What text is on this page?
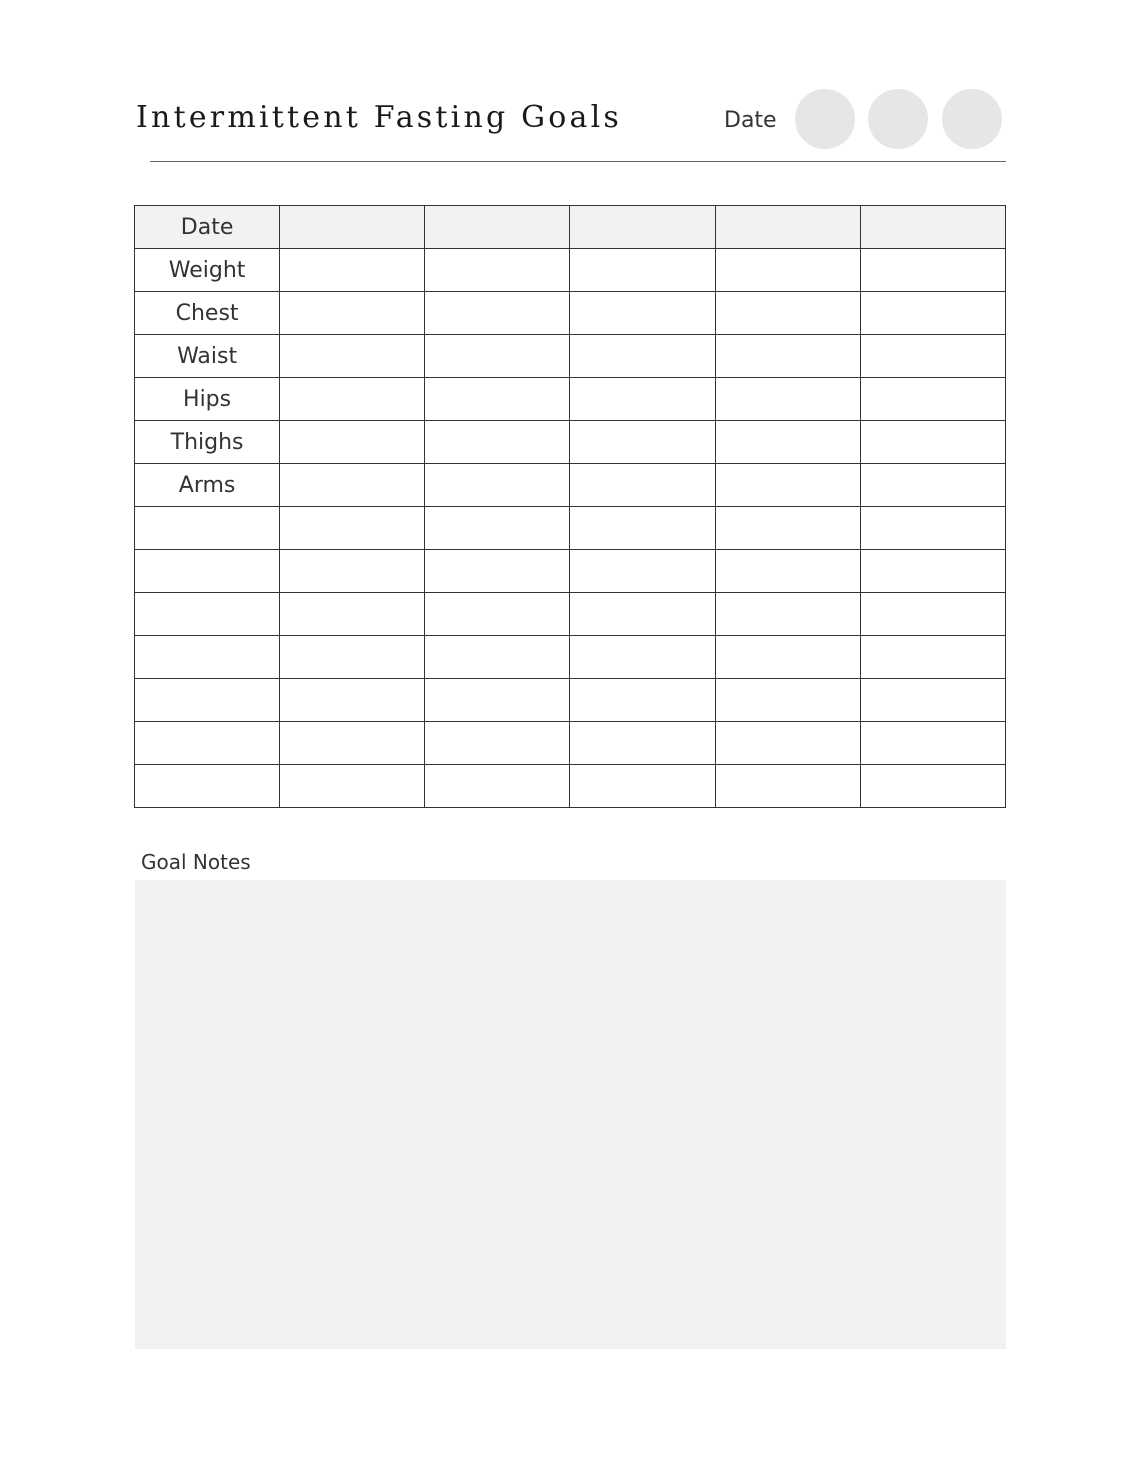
Intermittent Fasting Goals	Date
Date					
Weight					
Chest					
Waist					
Hips					
Thighs					
Arms					

Goal Notes
